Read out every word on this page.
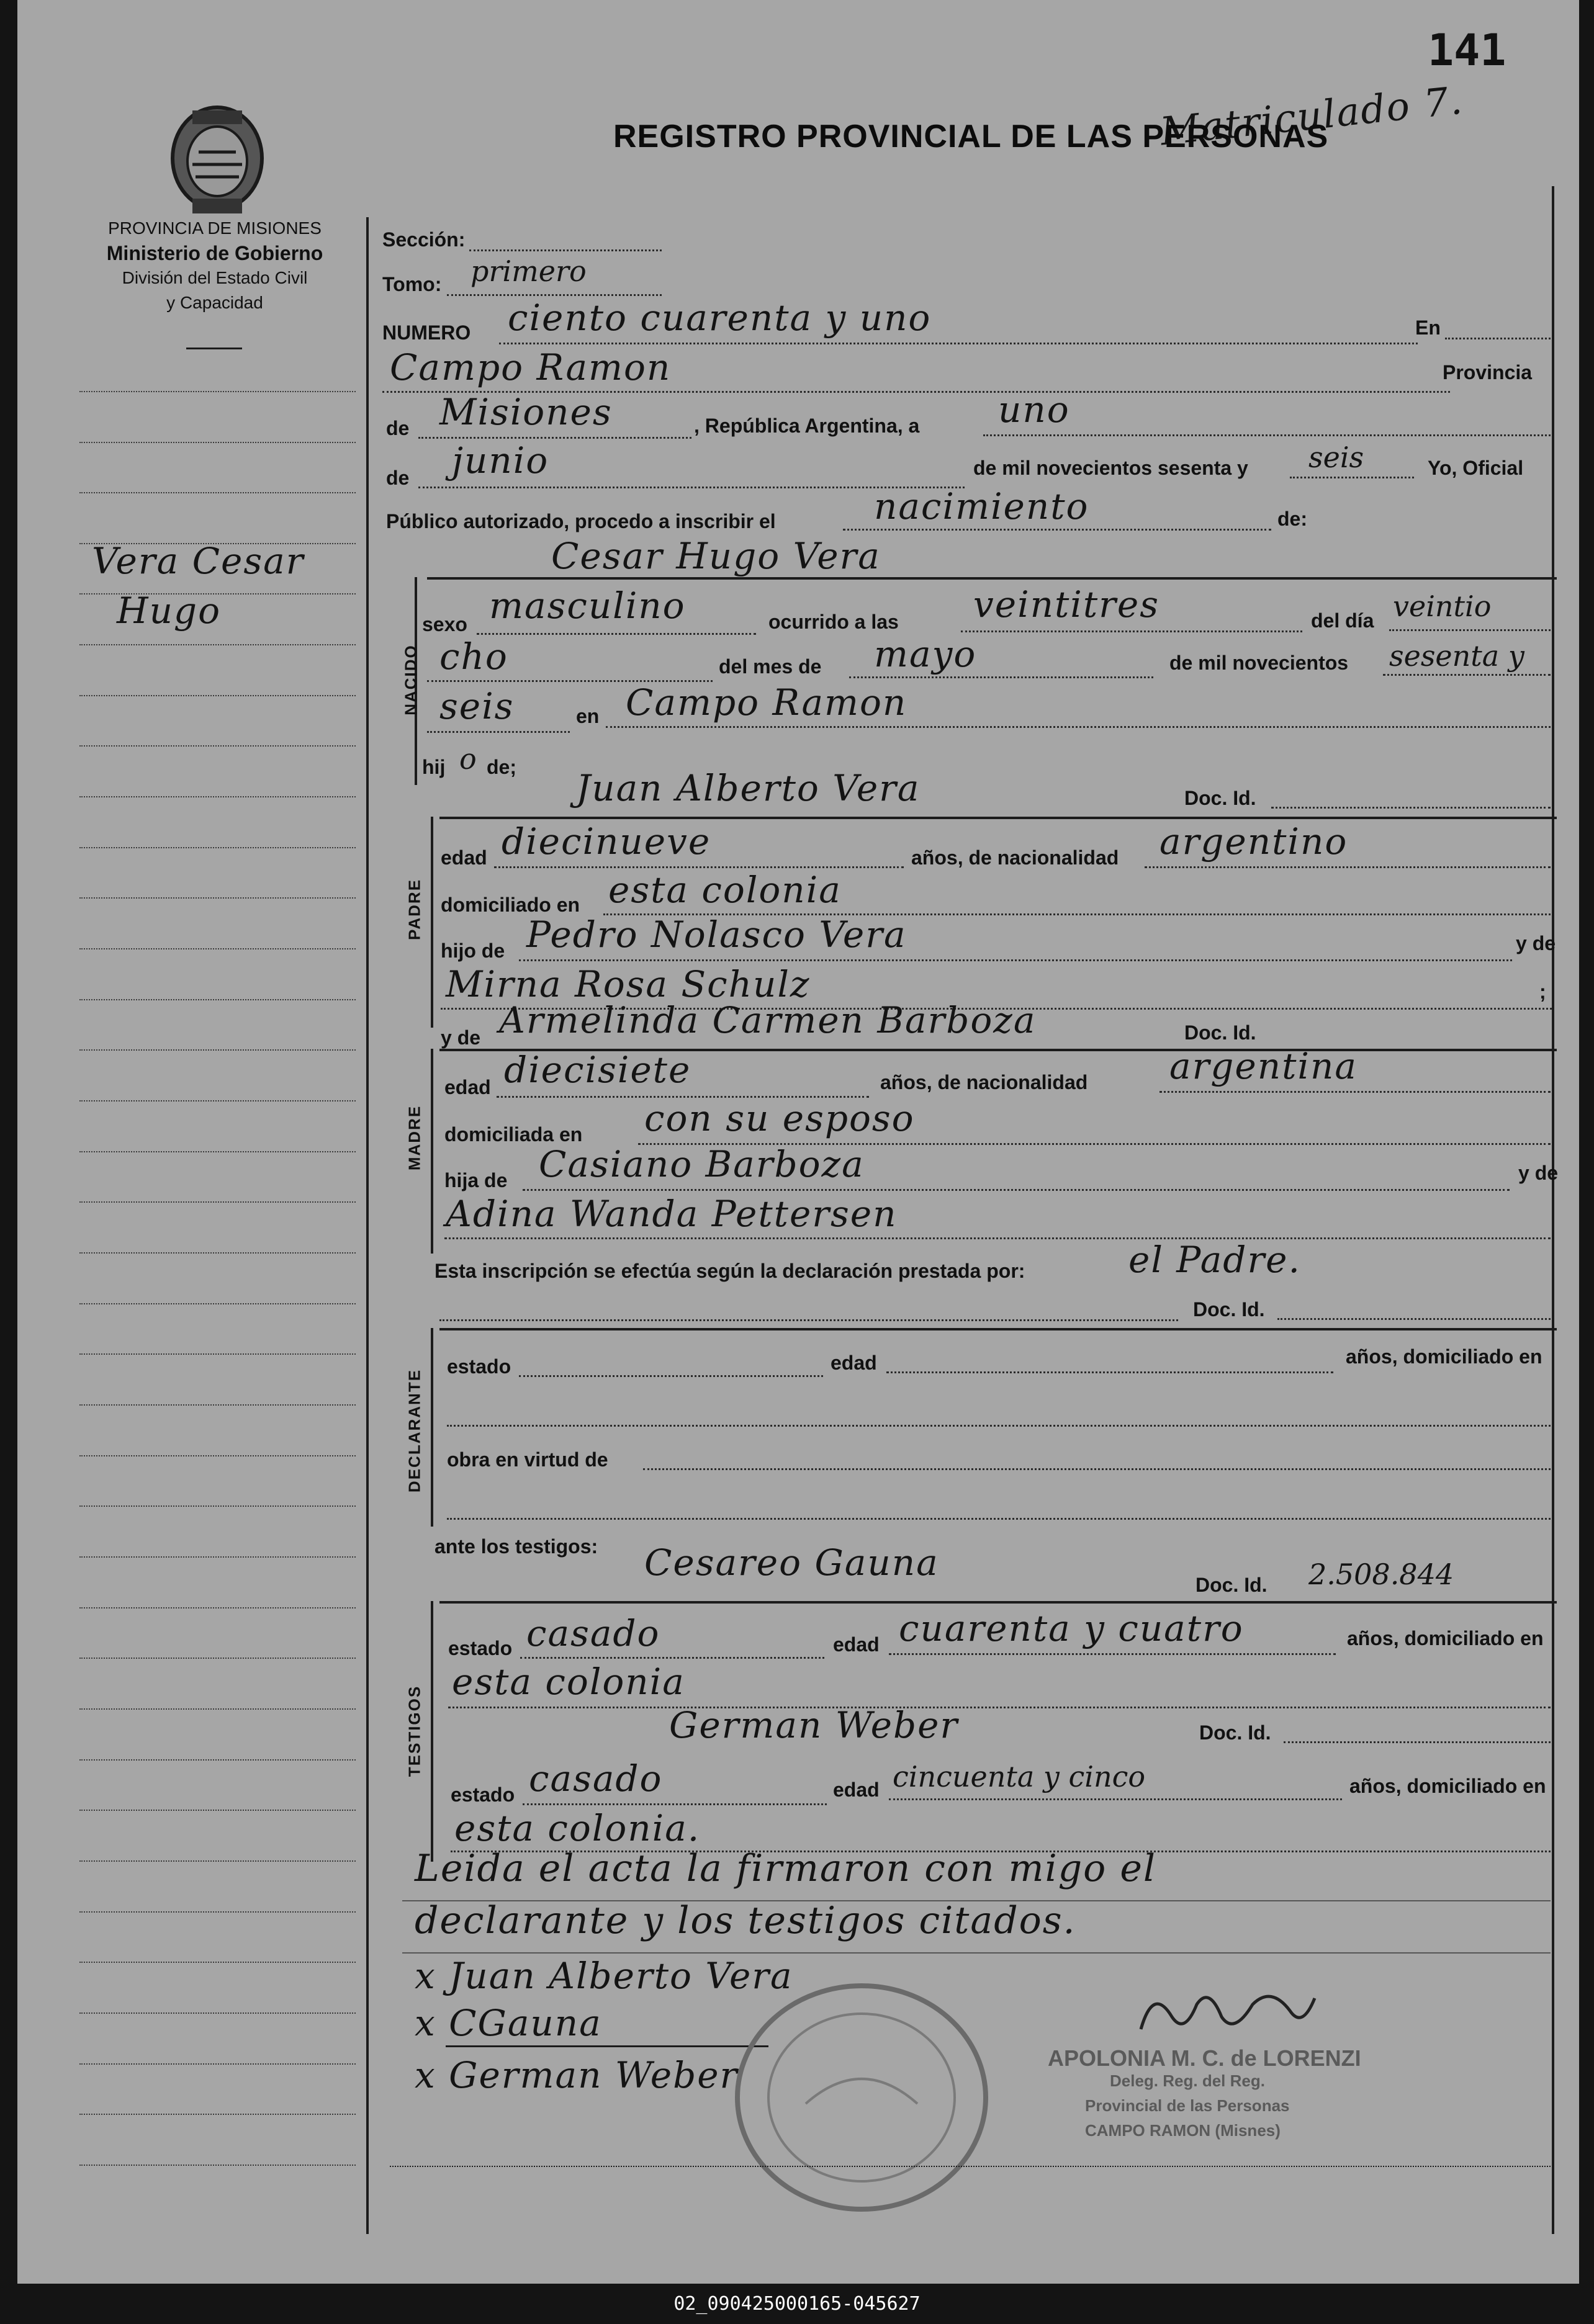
141
Matriculado 7.
PROVINCIA DE MISIONES
Ministerio de Gobierno
División del Estado Civil
y Capacidad
REGISTRO PROVINCIAL DE LAS PERSONAS
Vera Cesar
Hugo
Sección:
Tomo: primero
NUMERO ciento cuarenta y uno	En
Campo Ramon	Provincia
de Misiones	, República Argentina, a uno
de junio	de mil novecientos sesenta y seis	Yo, Oficial
Público autorizado, procedo a inscribir el	nacimiento	de:
Cesar Hugo Vera
NACIDO
sexo masculino	ocurrido a las veintitres	del día veintio
cho	del mes de mayo	de mil novecientos sesenta y
seis	en Campo Ramon
hij o de; Juan Alberto Vera	Doc. Id.
PADRE
edad diecinueve	años, de nacionalidad argentino
domiciliado en esta colonia
hijo de Pedro Nolasco Vera	y de
Mirna Rosa Schulz	;
y de Armelinda Carmen Barboza	Doc. Id.
MADRE
edad diecisiete	años, de nacionalidad argentina
domiciliada en con su esposo
hija de Casiano Barboza	y de
Adina Wanda Pettersen
Esta inscripción se efectúa según la declaración prestada por:	el Padre.
Doc. Id.
DECLARANTE
estado	edad	años, domiciliado en
obra en virtud de
ante los testigos: Cesareo Gauna
Doc. Id. 2.508.844
TESTIGOS
estado casado	edad cuarenta y cuatro	años, domiciliado en
esta colonia
German Weber	Doc. Id.
estado casado	edad cincuenta y cinco	años, domiciliado en
esta colonia.
Leida el acta la firmaron con migo el
declarante y los testigos citados.
x Juan Alberto Vera
x CGauna
x German Weber	APOLONIA M. C. de LORENZI
Deleg. Reg. del Reg.
Provincial de las Personas
CAMPO RAMON (Misnes)
02_090425000165-045627
